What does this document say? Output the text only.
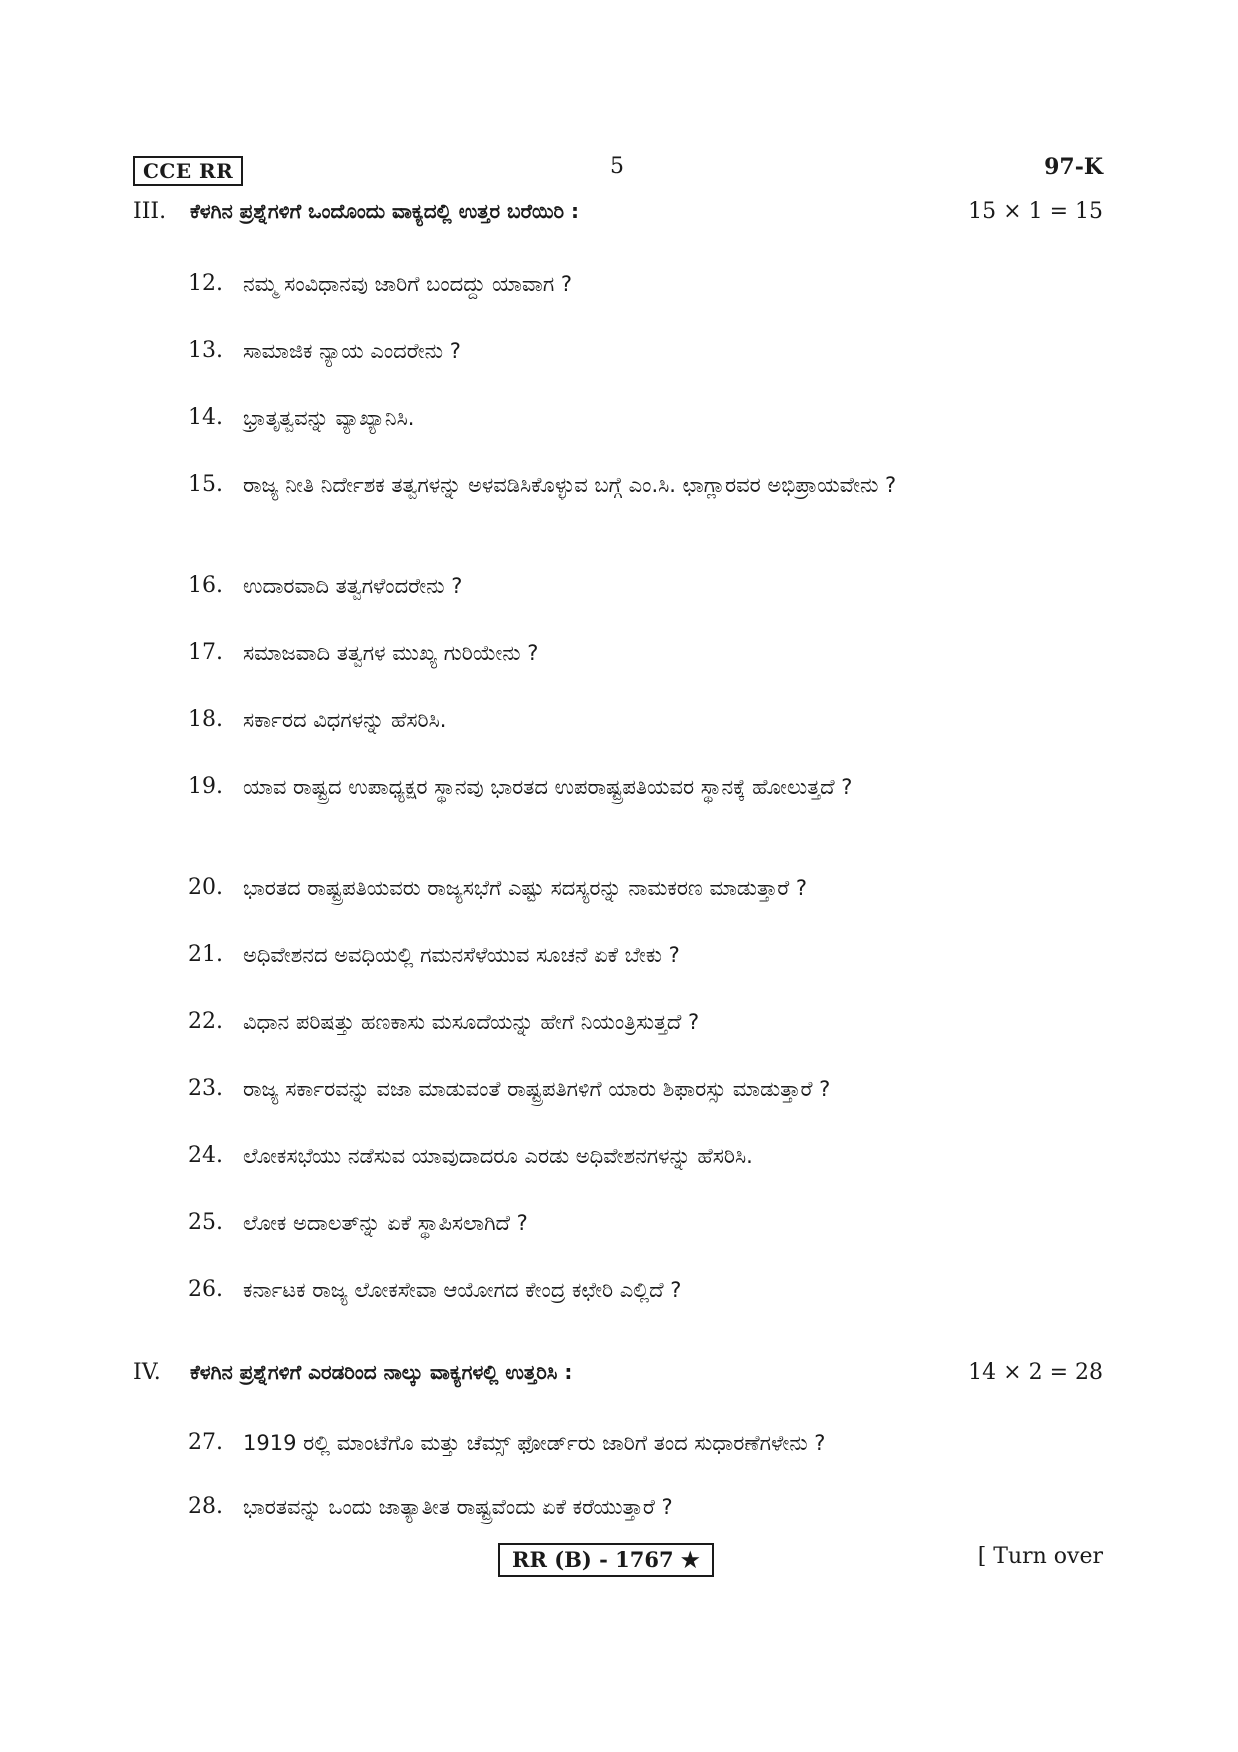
CCE RR	5	97-K
III. ಕೆಳಗಿನ ಪ್ರಶ್ನೆಗಳಿಗೆ ಒಂದೊಂದು ವಾಕ್ಯದಲ್ಲಿ ಉತ್ತರ ಬರೆಯಿರಿ :	15 × 1 = 15
12. ನಮ್ಮ ಸಂವಿಧಾನವು ಜಾರಿಗೆ ಬಂದದ್ದು ಯಾವಾಗ ?
13. ಸಾಮಾಜಿಕ ನ್ಯಾಯ ಎಂದರೇನು ?
14. ಭ್ರಾತೃತ್ವವನ್ನು ವ್ಯಾಖ್ಯಾನಿಸಿ.
15. ರಾಜ್ಯ ನೀತಿ ನಿರ್ದೇಶಕ ತತ್ವಗಳನ್ನು ಅಳವಡಿಸಿಕೊಳ್ಳುವ ಬಗ್ಗೆ ಎಂ.ಸಿ. ಛಾಗ್ಲಾರವರ ಅಭಿಪ್ರಾಯವೇನು ?
16. ಉದಾರವಾದಿ ತತ್ವಗಳೆಂದರೇನು ?
17. ಸಮಾಜವಾದಿ ತತ್ವಗಳ ಮುಖ್ಯ ಗುರಿಯೇನು ?
18. ಸರ್ಕಾರದ ವಿಧಗಳನ್ನು ಹೆಸರಿಸಿ.
19. ಯಾವ ರಾಷ್ಟ್ರದ ಉಪಾಧ್ಯಕ್ಷರ ಸ್ಥಾನವು ಭಾರತದ ಉಪರಾಷ್ಟ್ರಪತಿಯವರ ಸ್ಥಾನಕ್ಕೆ ಹೋಲುತ್ತದೆ ?
20. ಭಾರತದ ರಾಷ್ಟ್ರಪತಿಯವರು ರಾಜ್ಯಸಭೆಗೆ ಎಷ್ಟು ಸದಸ್ಯರನ್ನು ನಾಮಕರಣ ಮಾಡುತ್ತಾರೆ ?
21. ಅಧಿವೇಶನದ ಅವಧಿಯಲ್ಲಿ ಗಮನಸೆಳೆಯುವ ಸೂಚನೆ ಏಕೆ ಬೇಕು ?
22. ವಿಧಾನ ಪರಿಷತ್ತು ಹಣಕಾಸು ಮಸೂದೆಯನ್ನು ಹೇಗೆ ನಿಯಂತ್ರಿಸುತ್ತದೆ ?
23. ರಾಜ್ಯ ಸರ್ಕಾರವನ್ನು ವಜಾ ಮಾಡುವಂತೆ ರಾಷ್ಟ್ರಪತಿಗಳಿಗೆ ಯಾರು ಶಿಫಾರಸ್ಸು ಮಾಡುತ್ತಾರೆ ?
24. ಲೋಕಸಭೆಯು ನಡೆಸುವ ಯಾವುದಾದರೂ ಎರಡು ಅಧಿವೇಶನಗಳನ್ನು ಹೆಸರಿಸಿ.
25. ಲೋಕ ಅದಾಲತ್‌ನ್ನು ಏಕೆ ಸ್ಥಾಪಿಸಲಾಗಿದೆ ?
26. ಕರ್ನಾಟಕ ರಾಜ್ಯ ಲೋಕಸೇವಾ ಆಯೋಗದ ಕೇಂದ್ರ ಕಛೇರಿ ಎಲ್ಲಿದೆ ?
IV. ಕೆಳಗಿನ ಪ್ರಶ್ನೆಗಳಿಗೆ ಎರಡರಿಂದ ನಾಲ್ಕು ವಾಕ್ಯಗಳಲ್ಲಿ ಉತ್ತರಿಸಿ :	14 × 2 = 28
27. 1919 ರಲ್ಲಿ ಮಾಂಟೆಗೊ ಮತ್ತು ಚೆಮ್ಸ್ ಫೋರ್ಡ್‌ರು ಜಾರಿಗೆ ತಂದ ಸುಧಾರಣೆಗಳೇನು ?
28. ಭಾರತವನ್ನು ಒಂದು ಜಾತ್ಯಾತೀತ ರಾಷ್ಟ್ರವೆಂದು ಏಕೆ ಕರೆಯುತ್ತಾರೆ ?
RR (B) - 1767 ★	[ Turn over
